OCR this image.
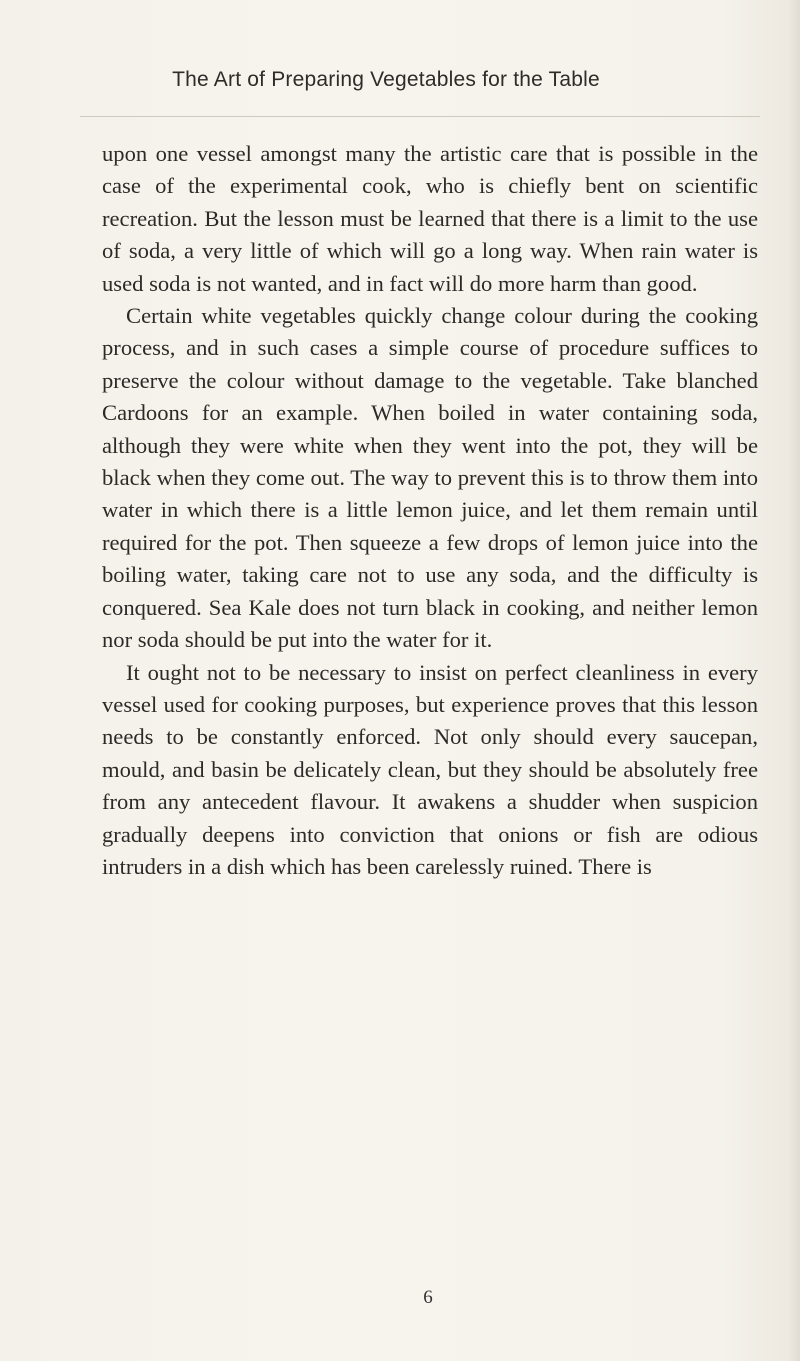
The Art of Preparing Vegetables for the Table

upon one vessel amongst many the artistic care that is possible in the case of the experimental cook, who is chiefly bent on scientific recreation. But the lesson must be learned that there is a limit to the use of soda, a very little of which will go a long way. When rain water is used soda is not wanted, and in fact will do more harm than good.

Certain white vegetables quickly change colour during the cooking process, and in such cases a simple course of procedure suffices to preserve the colour without damage to the vegetable. Take blanched Cardoons for an example. When boiled in water containing soda, although they were white when they went into the pot, they will be black when they come out. The way to prevent this is to throw them into water in which there is a little lemon juice, and let them remain until required for the pot. Then squeeze a few drops of lemon juice into the boiling water, taking care not to use any soda, and the difficulty is conquered. Sea Kale does not turn black in cooking, and neither lemon nor soda should be put into the water for it.

It ought not to be necessary to insist on perfect cleanliness in every vessel used for cooking purposes, but experience proves that this lesson needs to be constantly enforced. Not only should every saucepan, mould, and basin be delicately clean, but they should be absolutely free from any antecedent flavour. It awakens a shudder when suspicion gradually deepens into conviction that onions or fish are odious intruders in a dish which has been carelessly ruined. There is

6
